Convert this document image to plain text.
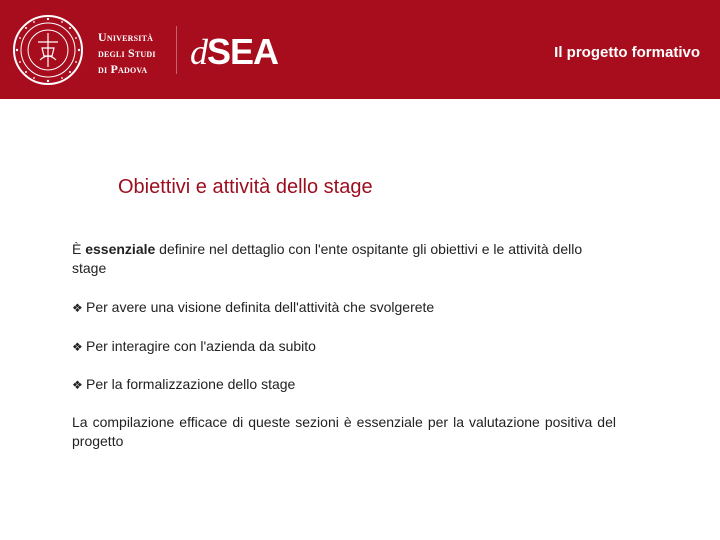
Università
degli Studi
di Padova dSEA	Il progetto formativo
Obiettivi e attività dello stage
È essenziale definire nel dettaglio con l'ente ospitante gli obiettivi e le attività dello stage
❖ Per avere una visione definita dell'attività che svolgerete
❖ Per interagire con l'azienda da subito
❖ Per la formalizzazione dello stage
La compilazione efficace di queste sezioni è essenziale per la valutazione positiva del progetto
